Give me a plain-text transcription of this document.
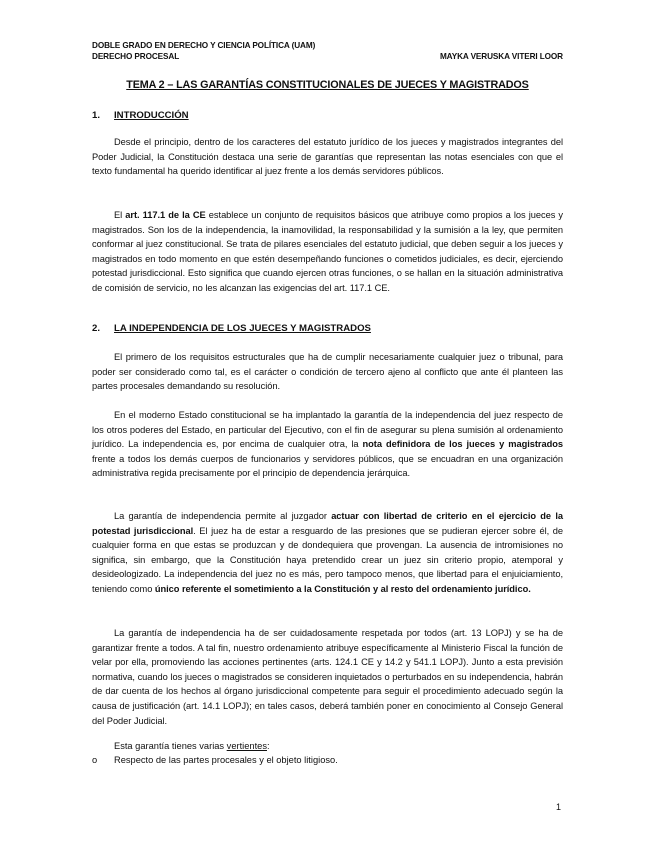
DOBLE GRADO EN DERECHO Y CIENCIA POLÍTICA (UAM)
DERECHO PROCESAL	MAYKA VERUSKA VITERI LOOR
TEMA 2 – LAS GARANTÍAS CONSTITUCIONALES DE JUECES Y MAGISTRADOS
1. INTRODUCCIÓN
Desde el principio, dentro de los caracteres del estatuto jurídico de los jueces y magistrados integrantes del Poder Judicial, la Constitución destaca una serie de garantías que representan las notas esenciales con que el texto fundamental ha querido identificar al juez frente a los demás servidores públicos.
El art. 117.1 de la CE establece un conjunto de requisitos básicos que atribuye como propios a los jueces y magistrados. Son los de la independencia, la inamovilidad, la responsabilidad y la sumisión a la ley, que permiten conformar al juez constitucional. Se trata de pilares esenciales del estatuto judicial, que deben seguir a los jueces y magistrados en todo momento en que estén desempeñando funciones o cometidos judiciales, es decir, ejerciendo potestad jurisdiccional. Esto significa que cuando ejercen otras funciones, o se hallan en la situación administrativa de comisión de servicio, no les alcanzan las exigencias del art. 117.1 CE.
2. LA INDEPENDENCIA DE LOS JUECES Y MAGISTRADOS
El primero de los requisitos estructurales que ha de cumplir necesariamente cualquier juez o tribunal, para poder ser considerado como tal, es el carácter o condición de tercero ajeno al conflicto que ante él planteen las partes procesales demandando su resolución.
En el moderno Estado constitucional se ha implantado la garantía de la independencia del juez respecto de los otros poderes del Estado, en particular del Ejecutivo, con el fin de asegurar su plena sumisión al ordenamiento jurídico. La independencia es, por encima de cualquier otra, la nota definidora de los jueces y magistrados frente a todos los demás cuerpos de funcionarios y servidores públicos, que se encuadran en una organización administrativa regida precisamente por el principio de dependencia jerárquica.
La garantía de independencia permite al juzgador actuar con libertad de criterio en el ejercicio de la potestad jurisdiccional. El juez ha de estar a resguardo de las presiones que se pudieran ejercer sobre él, de cualquier forma en que estas se produzcan y de dondequiera que provengan. La ausencia de intromisiones no significa, sin embargo, que la Constitución haya pretendido crear un juez sin criterio propio, atemporal y desideologizado. La independencia del juez no es más, pero tampoco menos, que libertad para el enjuiciamiento, teniendo como único referente el sometimiento a la Constitución y al resto del ordenamiento jurídico.
La garantía de independencia ha de ser cuidadosamente respetada por todos (art. 13 LOPJ) y se ha de garantizar frente a todos. A tal fin, nuestro ordenamiento atribuye específicamente al Ministerio Fiscal la función de velar por ella, promoviendo las acciones pertinentes (arts. 124.1 CE y 14.2 y 541.1 LOPJ). Junto a esta previsión normativa, cuando los jueces o magistrados se consideren inquietados o perturbados en su independencia, habrán de dar cuenta de los hechos al órgano jurisdiccional competente para seguir el procedimiento adecuado según la causa de justificación (art. 14.1 LOPJ); en tales casos, deberá también poner en conocimiento al Consejo General del Poder Judicial.
Esta garantía tienes varias vertientes:
o Respecto de las partes procesales y el objeto litigioso.
1
